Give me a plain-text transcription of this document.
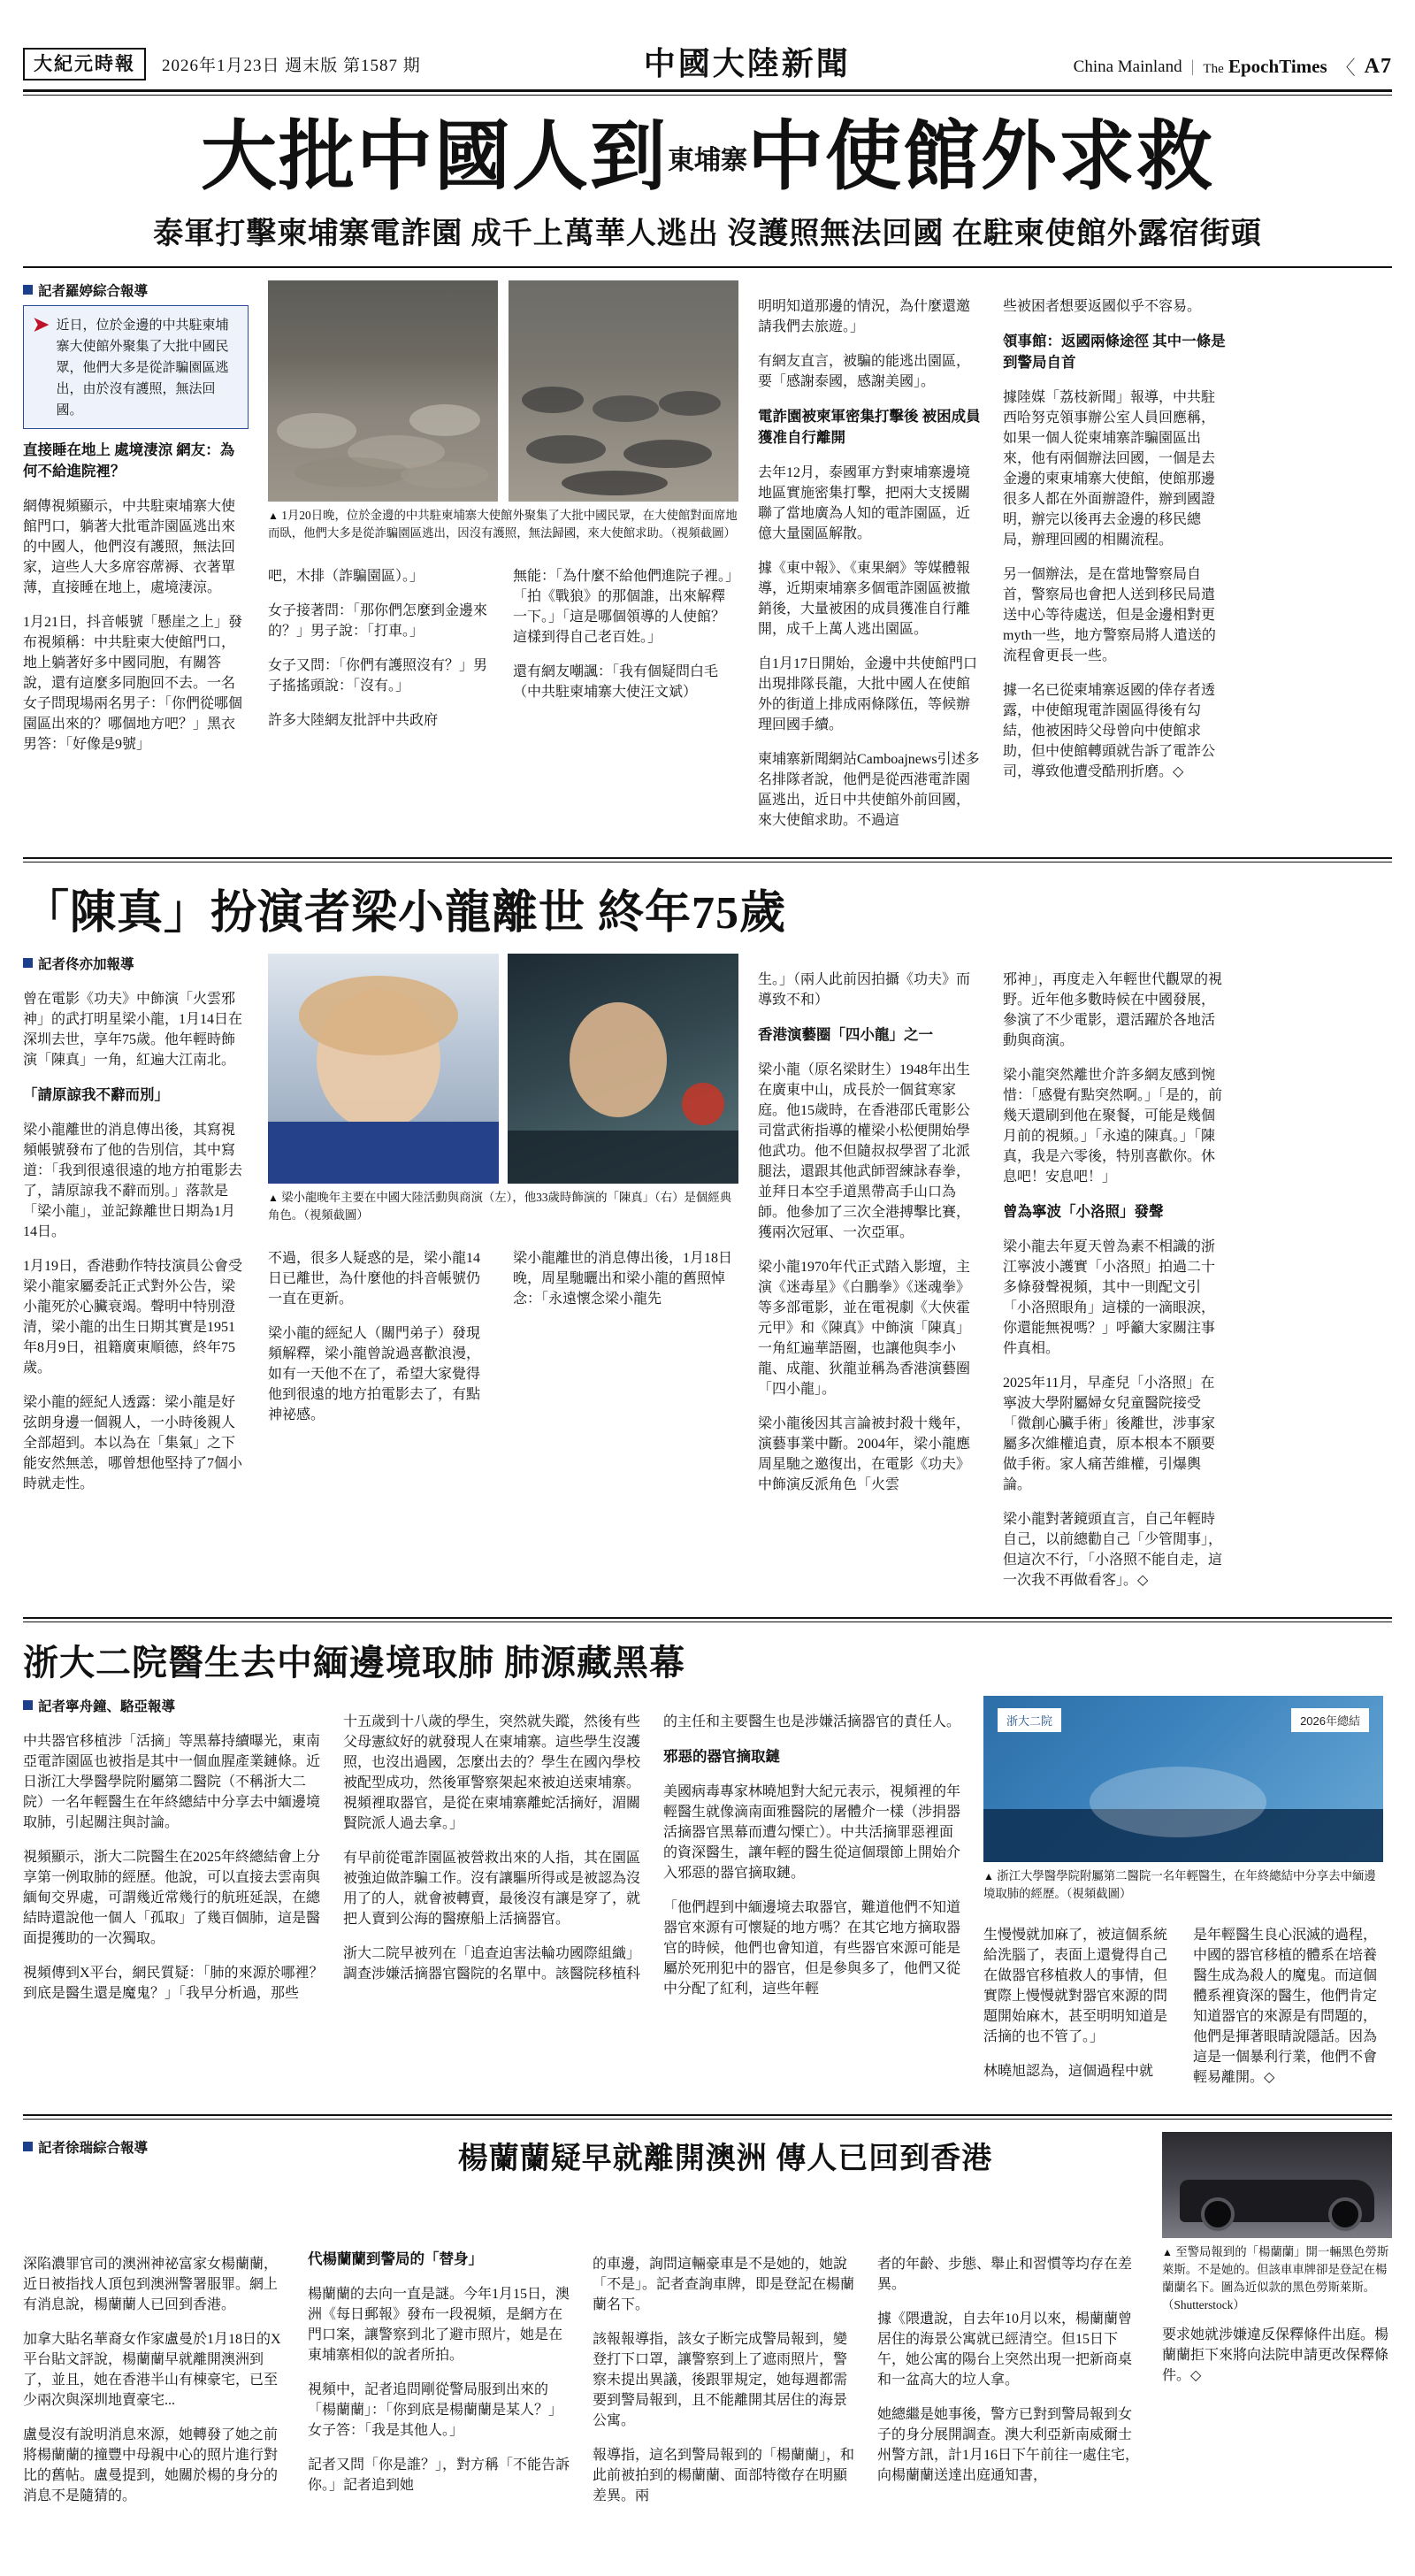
大紀元時報	2026年1月23日 週末版 第1587 期	中國大陸新聞	China Mainland | The EpochTimes 〈 A7
大批中國人到東埔寨中使館外求救
泰軍打擊柬埔寨電詐園 成千上萬華人逃出 沒護照無法回國 在駐柬使館外露宿街頭

記者羅婷綜合報導

➤ 近日，位於金邊的中共駐柬埔寨大使館外聚集了大批中國民眾，他們大多是從詐騙園區逃出，由於沒有護照，無法回國。

直接睡在地上 處境淒涼 網友：為何不給進院裡？

網傳視頻顯示，中共駐柬埔寨大使館門口，躺著大批電詐園區逃出來的中國人，他們沒有護照，無法回家，這些人大多席容蓆褥、衣著單薄，直接睡在地上，處境淒涼。

1月21日，抖音帳號「懸崖之上」發布視頻稱：中共駐柬大使館門口，地上躺著好多中國同胞，有關答說，還有這麼多同胞回不去。一名女子問現場兩名男子：「你們從哪個園區出來的？哪個地方吧？」黑衣男答：「好像是9號」

▲ 1月20日晚，位於金邊的中共駐柬埔寨大使館外聚集了大批中國民眾，在大使館對面席地而臥，他們大多是從詐騙園區逃出，因沒有護照，無法歸國，來大使館求助。（視頻截圖）

吧，木排（詐騙園區）。」

女子接著問：「那你們怎麼到金邊來的？」男子說：「打車。」

女子又問：「你們有護照沒有？」男子搖搖頭說：「沒有。」

許多大陸網友批評中共政府

無能：「為什麼不給他們進院子裡。」「拍《戰狼》的那個誰，出來解釋一下。」「這是哪個領導的人使館？這樣到得自己老百姓。」

還有網友嘲諷：「我有個疑問白毛（中共駐柬埔寨大使汪文斌）

明明知道那邊的情況，為什麼還邀請我們去旅遊。」

有網友直言，被騙的能逃出園區，要「感謝泰國，感謝美國」。

電詐園被柬軍密集打擊後 被困成員獲准自行離開

去年12月，泰國軍方對柬埔寨邊境地區實施密集打擊，把兩大支援關聯了當地廣為人知的電詐園區，近億大量園區解散。

據《東中報》、《東果網》等媒體報導，近期柬埔寨多個電詐園區被撤銷後，大量被困的成員獲准自行離開，成千上萬人逃出園區。

自1月17日開始，金邊中共使館門口出現排隊長龍，大批中國人在使館外的街道上排成兩條隊伍，等候辦理回國手續。

柬埔寨新聞網站Camboajnews引述多名排隊者說，他們是從西港電詐園區逃出，近日中共使館外前回國，來大使館求助。不過這

些被困者想要返國似乎不容易。

領事館：返國兩條途徑 其中一條是到警局自首

據陸媒「荔枝新聞」報導，中共駐西哈努克領事辦公室人員回應稱，如果一個人從柬埔寨詐騙園區出來，他有兩個辦法回國，一個是去金邊的柬東埔寨大使館，使館那邊很多人都在外面辦證件，辦到國證明，辦完以後再去金邊的移民總局，辦理回國的相關流程。

另一個辦法，是在當地警察局自首，警察局也會把人送到移民局遣送中心等待處送，但是金邊相對更myth一些，地方警察局將人遣送的流程會更長一些。

據一名已從柬埔寨返國的倖存者透露，中使館現電詐園區得後有勾結，他被困時父母曾向中使館求助，但中使館轉頭就告訴了電詐公司，導致他遭受酷刑折磨。◇

「陳真」扮演者梁小龍離世 終年75歲

記者佟亦加報導

曾在電影《功夫》中飾演「火雲邪神」的武打明星梁小龍，1月14日在深圳去世，享年75歲。他年輕時飾演「陳真」一角，紅遍大江南北。

「請原諒我不辭而別」

梁小龍離世的消息傳出後，其寫視頻帳號發布了他的告別信，其中寫道：「我到很遠很遠的地方拍電影去了，請原諒我不辭而別。」落款是「梁小龍」，並記錄離世日期為1月14日。

1月19日，香港動作特技演員公會受梁小龍家屬委託正式對外公告，梁小龍死於心臟衰竭。聲明中特別澄清，梁小龍的出生日期其實是1951年8月9日，祖籍廣東順德，終年75歲。

梁小龍的經紀人透露：梁小龍是好弦朗身邊一個親人，一小時後親人全部超到。本以為在「集氣」之下能安然無恙，哪曾想他堅持了7個小時就走性。

▲ 梁小龍晚年主要在中國大陸活動與商演（左），他33歲時飾演的「陳真」（右）是個經典角色。（視頻截圖）

不過，很多人疑惑的是，梁小龍14日已離世，為什麼他的抖音帳號仍一直在更新。

梁小龍的經紀人（關門弟子）發現頻解釋，梁小龍曾說過喜歡浪漫，如有一天他不在了，希望大家覺得他到很遠的地方拍電影去了，有點神祕感。

梁小龍離世的消息傳出後，1月18日晚，周星馳曬出和梁小龍的舊照悼念：「永遠懷念梁小龍先

生。」（兩人此前因拍攝《功夫》而導致不和）

香港演藝圈「四小龍」之一

梁小龍（原名梁財生）1948年出生在廣東中山，成長於一個貧寒家庭。他15歲時，在香港邵氏電影公司當武術指導的權梁小松便開始學他武功。他不但隨叔叔學習了北派腿法，還跟其他武師習練詠春拳，並拜日本空手道黑帶高手山口為師。他參加了三次全港搏擊比賽，獲兩次冠軍、一次亞軍。

梁小龍1970年代正式踏入影壇，主演《迷毒星》《白鵬拳》《迷魂拳》等多部電影，並在電視劇《大俠霍元甲》和《陳真》中飾演「陳真」一角紅遍華語圈，也讓他與李小龍、成龍、狄龍並稱為香港演藝圈「四小龍」。

梁小龍後因其言論被封殺十幾年，演藝事業中斷。2004年，梁小龍應周星馳之邀復出，在電影《功夫》中飾演反派角色「火雲

邪神」，再度走入年輕世代觀眾的視野。近年他多數時候在中國發展，參演了不少電影，還活躍於各地活動與商演。

梁小龍突然離世介許多網友感到惋惜：「感覺有點突然啊。」「是的，前幾天還刷到他在聚餐，可能是幾個月前的視頻。」「永遠的陳真。」「陳真，我是六零後，特別喜歡你。休息吧！安息吧！」

曾為寧波「小洛照」發聲

梁小龍去年夏天曾為素不相識的浙江寧波小護實「小洛照」拍過二十多條發聲視頻，其中一則配文引「小洛照眼角」這樣的一滴眼淚，你還能無視嗎？」呼籲大家關注事件真相。

2025年11月，早產兒「小洛照」在寧波大學附屬婦女兒童醫院接受「微創心臟手術」後離世，涉事家屬多次維權追責，原本根本不願要做手術。家人痛苦維權，引爆輿論。

梁小龍對著鏡頭直言，自己年輕時自己，以前總勸自己「少管閒事」，但這次不行，「小洛照不能自走，這一次我不再做看客」。◇

浙大二院醫生去中緬邊境取肺 肺源藏黑幕

記者寧舟鐘、駱亞報導

中共器官移植涉「活摘」等黑幕持續曝光，東南亞電詐園區也被指是其中一個血腥產業鏈條。近日浙江大學醫學院附屬第二醫院（不稱浙大二院）一名年輕醫生在年終總結中分享去中緬邊境取肺，引起關注與討論。

視頻顯示，浙大二院醫生在2025年終總結會上分享第一例取肺的經歷。他說，可以直接去雲南與緬甸交界處，可謂幾近常幾行的航班延誤，在總結時還說他一個人「孤取」了幾百個肺，這是醫面提獲助的一次獨取。

視頻傳到X平台，網民質疑：「肺的來源於哪裡？到底是醫生還是魔鬼？」「我早分析過，那些

十五歲到十八歲的學生，突然就失蹤，然後有些父母憲紋好的就發現人在柬埔寨。這些學生沒護照，也沒出過國，怎麼出去的？學生在國內學校被配型成功，然後軍警察架起來被迫送柬埔寨。視頻裡取器官，是從在柬埔寨離蛇活摘好，湄關賢院派人過去拿。」

有早前從電詐園區被營救出來的人指，其在園區被強迫做詐騙工作。沒有讓驅所得或是被認為沒用了的人，就會被轉賣，最後沒有讓是穿了，就把人賣到公海的醫療船上活摘器官。

浙大二院早被列在「追查迫害法輪功國際組織」調查涉嫌活摘器官醫院的名單中。該醫院移植科

的主任和主要醫生也是涉嫌活摘器官的責任人。

邪惡的器官摘取鏈

美國病毒專家林曉旭對大紀元表示，視頻裡的年輕醫生就像滴南面雅醫院的屠體介一樣（涉捐器活摘器官黑幕而遭勾慄亡）。中共活摘罪惡裡面的資深醫生，讓年輕的醫生從這個環節上開始介入邪惡的器官摘取鏈。

「他們趕到中緬邊境去取器官，難道他們不知道器官來源有可懷疑的地方嗎？在其它地方摘取器官的時候，他們也會知道，有些器官來源可能是屬於死刑犯中的器官，但是參與多了，他們又從中分配了紅利，這些年輕

浙大二院	2026年總結

▲ 浙江大學醫學院附屬第二醫院一名年輕醫生，在年終總結中分享去中緬邊境取肺的經歷。（視頻截圖）

生慢慢就加麻了，被這個系統給洗腦了，表面上還覺得自己在做器官移植救人的事情，但實際上慢慢就對器官來源的問題開始麻木，甚至明明知道是活摘的也不管了。」

林曉旭認為，這個過程中就

是年輕醫生良心泯滅的過程，中國的器官移植的體系在培養醫生成為殺人的魔鬼。而這個體系裡資深的醫生，他們肯定知道器官的來源是有問題的，他們是揮著眼睛說隱話。因為這是一個暴利行業，他們不會輕易離開。◇

記者徐瑞綜合報導	楊蘭蘭疑早就離開澳洲 傳人已回到香港

深陷濃罪官司的澳洲神祕富家女楊蘭蘭，近日被指找人頂包到澳洲警署服罪。網上有消息說，楊蘭蘭人已回到香港。

加拿大貼名華裔女作家盧曼於1月18日的X平台貼文評說，楊蘭蘭早就離開澳洲到了，並且，她在香港半山有棟豪宅，已至少兩次與深圳地賣豪宅...

盧曼沒有說明消息來源，她轉發了她之前將楊蘭蘭的撞豐中母親中心的照片進行對比的舊帖。盧曼提到，她關於楊的身分的消息不是隨猜的。

代楊蘭蘭到警局的「替身」

楊蘭蘭的去向一直是謎。今年1月15日，澳洲《每日郵報》發布一段視頻，是網方在門口案，讓警察到北了避市照片，她是在東埔寨相似的說者所拍。

視頻中，記者追問剛從警局服到出來的「楊蘭蘭」：「你到底是楊蘭蘭是某人？」女子答：「我是其他人。」

記者又問「你是誰？」，對方稱「不能告訴你。」記者追到她

的車邊，詢問這輛豪車是不是她的，她說「不是」。記者查詢車牌，即是登記在楊蘭蘭名下。

該報報導指，該女子断完成警局報到，變登打下口罩，讓警察到上了遮雨照片，警察未提出異議，後跟罪規定，她每週都需要到警局報到，且不能離開其居住的海景公寓。

報導指，這名到警局報到的「楊蘭蘭」，和此前被拍到的楊蘭蘭、面部特徵存在明顯差異。兩

者的年齡、步態、舉止和習慣等均存在差異。

據《隈遺說，自去年10月以來，楊蘭蘭曾居住的海景公寓就已經清空。但15日下午，她公寓的陽台上突然出現一把新商桌和一盆高大的垃人拿。

她總繼是她事後，警方已對到警局報到女子的身分展開調查。澳大利亞新南威爾士州警方訊，計1月16日下午前往一處住宅，向楊蘭蘭送達出庭通知書，

▲ 至警局報到的「楊蘭蘭」開一輛黑色勞斯萊斯。不是她的。但該車車牌卻是登記在楊蘭蘭名下。圖為近似款的黑色勞斯萊斯。（Shutterstock）

要求她就涉嫌違反保釋條件出庭。楊蘭蘭拒下來將向法院申請更改保釋條件。◇
